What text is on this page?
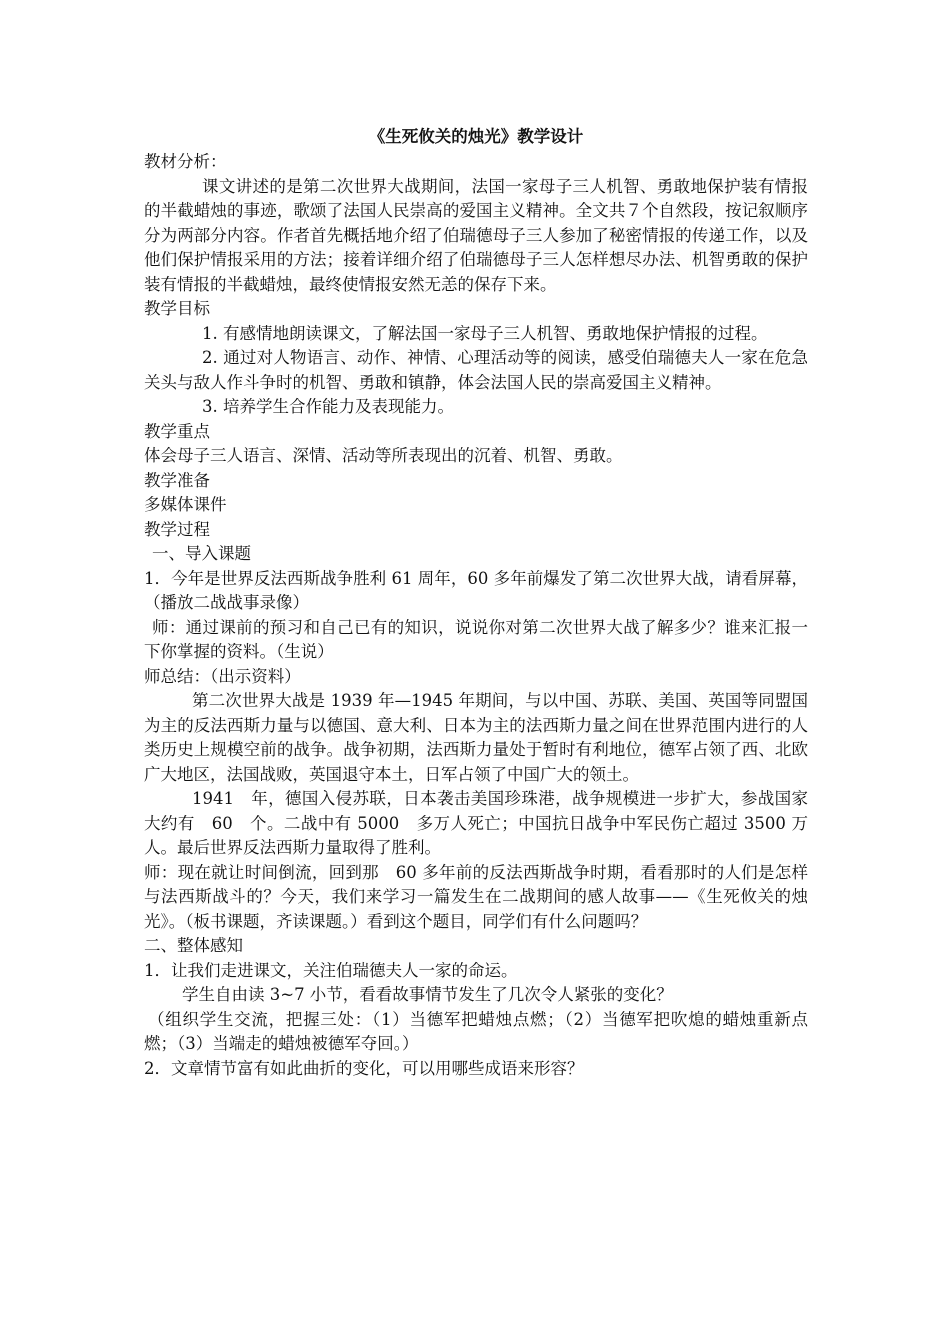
《生死攸关的烛光》教学设计

教材分析：

课文讲述的是第二次世界大战期间，法国一家母子三人机智、勇敢地保护装有情报的半截蜡烛的事迹，歌颂了法国人民崇高的爱国主义精神。全文共７个自然段，按记叙顺序分为两部分内容。作者首先概括地介绍了伯瑞德母子三人参加了秘密情报的传递工作，以及他们保护情报采用的方法；接着详细介绍了伯瑞德母子三人怎样想尽办法、机智勇敢的保护装有情报的半截蜡烛，最终使情报安然无恙的保存下来。

教学目标

1. 有感情地朗读课文，了解法国一家母子三人机智、勇敢地保护情报的过程。

2. 通过对人物语言、动作、神情、心理活动等的阅读，感受伯瑞德夫人一家在危急关头与敌人作斗争时的机智、勇敢和镇静，体会法国人民的崇高爱国主义精神。

3. 培养学生合作能力及表现能力。

教学重点

体会母子三人语言、深情、活动等所表现出的沉着、机智、勇敢。

教学准备

多媒体课件

教学过程

一、导入课题

1．今年是世界反法西斯战争胜利 61 周年，60 多年前爆发了第二次世界大战，请看屏幕，（播放二战战事录像）

师：通过课前的预习和自己已有的知识，说说你对第二次世界大战了解多少？谁来汇报一下你掌握的资料。（生说）

师总结：（出示资料）

第二次世界大战是 1939 年—1945 年期间，与以中国、苏联、美国、英国等同盟国为主的反法西斯力量与以德国、意大利、日本为主的法西斯力量之间在世界范围内进行的人类历史上规模空前的战争。战争初期，法西斯力量处于暂时有利地位，德军占领了西、北欧广大地区，法国战败，英国退守本土，日军占领了中国广大的领土。

1941　年，德国入侵苏联，日本袭击美国珍珠港，战争规模进一步扩大，参战国家大约有　60　个。二战中有 5000　多万人死亡；中国抗日战争中军民伤亡超过 3500 万人。最后世界反法西斯力量取得了胜利。

师：现在就让时间倒流，回到那　60 多年前的反法西斯战争时期，看看那时的人们是怎样与法西斯战斗的？今天，我们来学习一篇发生在二战期间的感人故事——《生死攸关的烛光》。（板书课题，齐读课题。）看到这个题目，同学们有什么问题吗？

二、整体感知

1．让我们走进课文，关注伯瑞德夫人一家的命运。

学生自由读 3~7 小节，看看故事情节发生了几次令人紧张的变化？

（组织学生交流，把握三处：（1）当德军把蜡烛点燃；（2）当德军把吹熄的蜡烛重新点燃；（3）当端走的蜡烛被德军夺回。）

2．文章情节富有如此曲折的变化，可以用哪些成语来形容？
